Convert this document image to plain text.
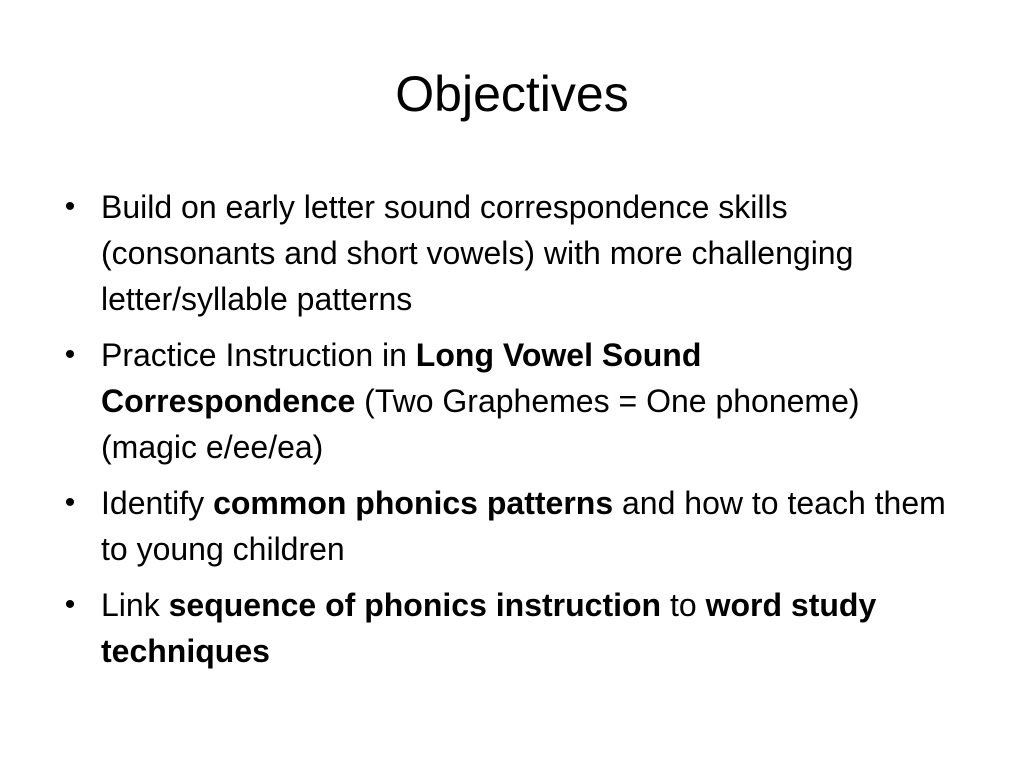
Objectives
• Build on early letter sound correspondence skills (consonants and short vowels) with more challenging letter/syllable patterns
• Practice Instruction in Long Vowel Sound Correspondence (Two Graphemes = One phoneme) (magic e/ee/ea)
• Identify common phonics patterns and how to teach them to young children
• Link sequence of phonics instruction to word study techniques
